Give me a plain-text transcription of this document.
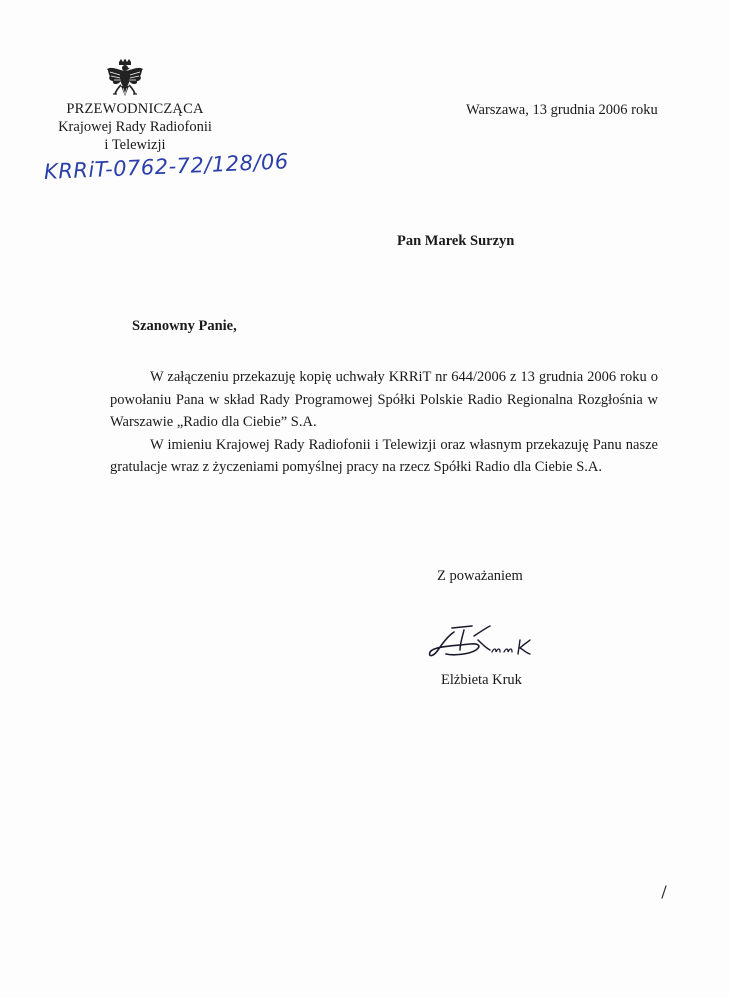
PRZEWODNICZĄCA
Krajowej Rady Radiofonii
i Telewizji
Warszawa, 13 grudnia 2006 roku
KRRiT-0762-72/128/06
Pan Marek Surzyn
Szanowny Panie,

W załączeniu przekazuję kopię uchwały KRRiT nr 644/2006 z 13 grudnia 2006 roku o powołaniu Pana w skład Rady Programowej Spółki Polskie Radio Regionalna Rozgłośnia w Warszawie „Radio dla Ciebie” S.A.

W imieniu Krajowej Rady Radiofonii i Telewizji oraz własnym przekazuję Panu nasze gratulacje wraz z życzeniami pomyślnej pracy na rzecz Spółki Radio dla Ciebie S.A.

Z poważaniem
Elżbieta Kruk
